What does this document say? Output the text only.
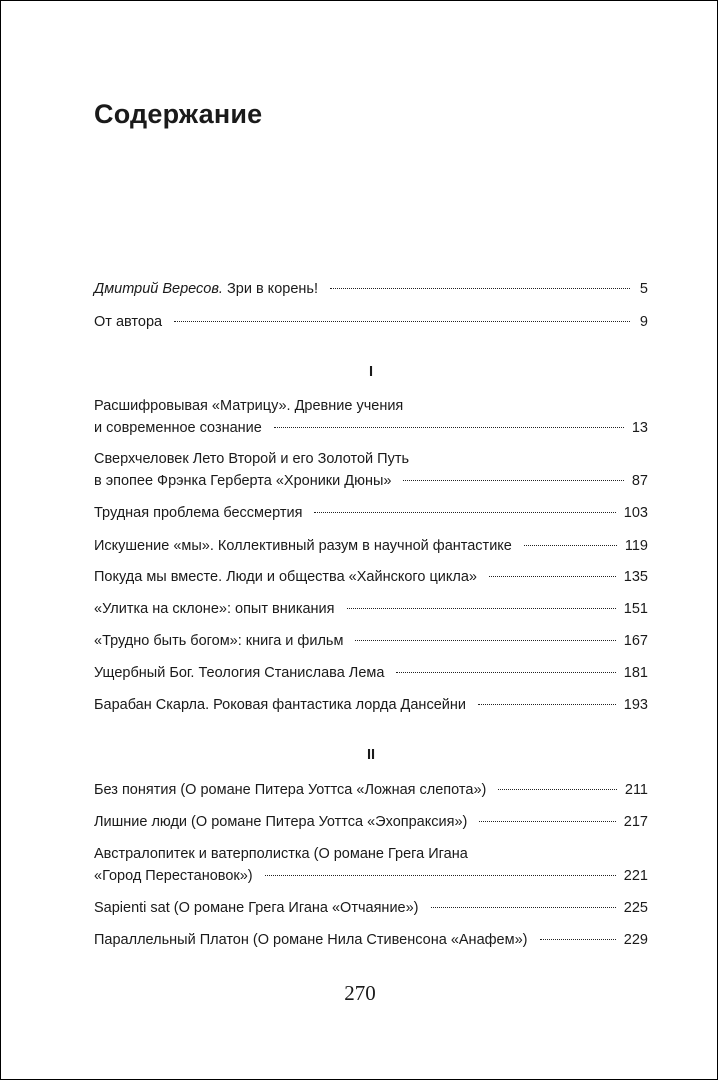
Содержание
Дмитрий Вересов. Зри в корень!	5
От автора	9
I
Расшифровывая «Матрицу». Древние учения
и современное сознание	13
Сверхчеловек Лето Второй и его Золотой Путь
в эпопее Фрэнка Герберта «Хроники Дюны»	87
Трудная проблема бессмертия	103
Искушение «мы». Коллективный разум в научной фантастике	119
Покуда мы вместе. Люди и общества «Хайнского цикла»	135
«Улитка на склоне»: опыт вникания	151
«Трудно быть богом»: книга и фильм	167
Ущербный Бог. Теология Станислава Лема	181
Барабан Скарла. Роковая фантастика лорда Дансейни	193
II
Без понятия (О романе Питера Уоттса «Ложная слепота»)	211
Лишние люди (О романе Питера Уоттса «Эхопраксия»)	217
Австралопитек и ватерполистка (О романе Грега Игана
«Город Перестановок»)	221
Sapienti sat (О романе Грега Игана «Отчаяние»)	225
Параллельный Платон (О романе Нила Стивенсона «Анафем»)	229
270
